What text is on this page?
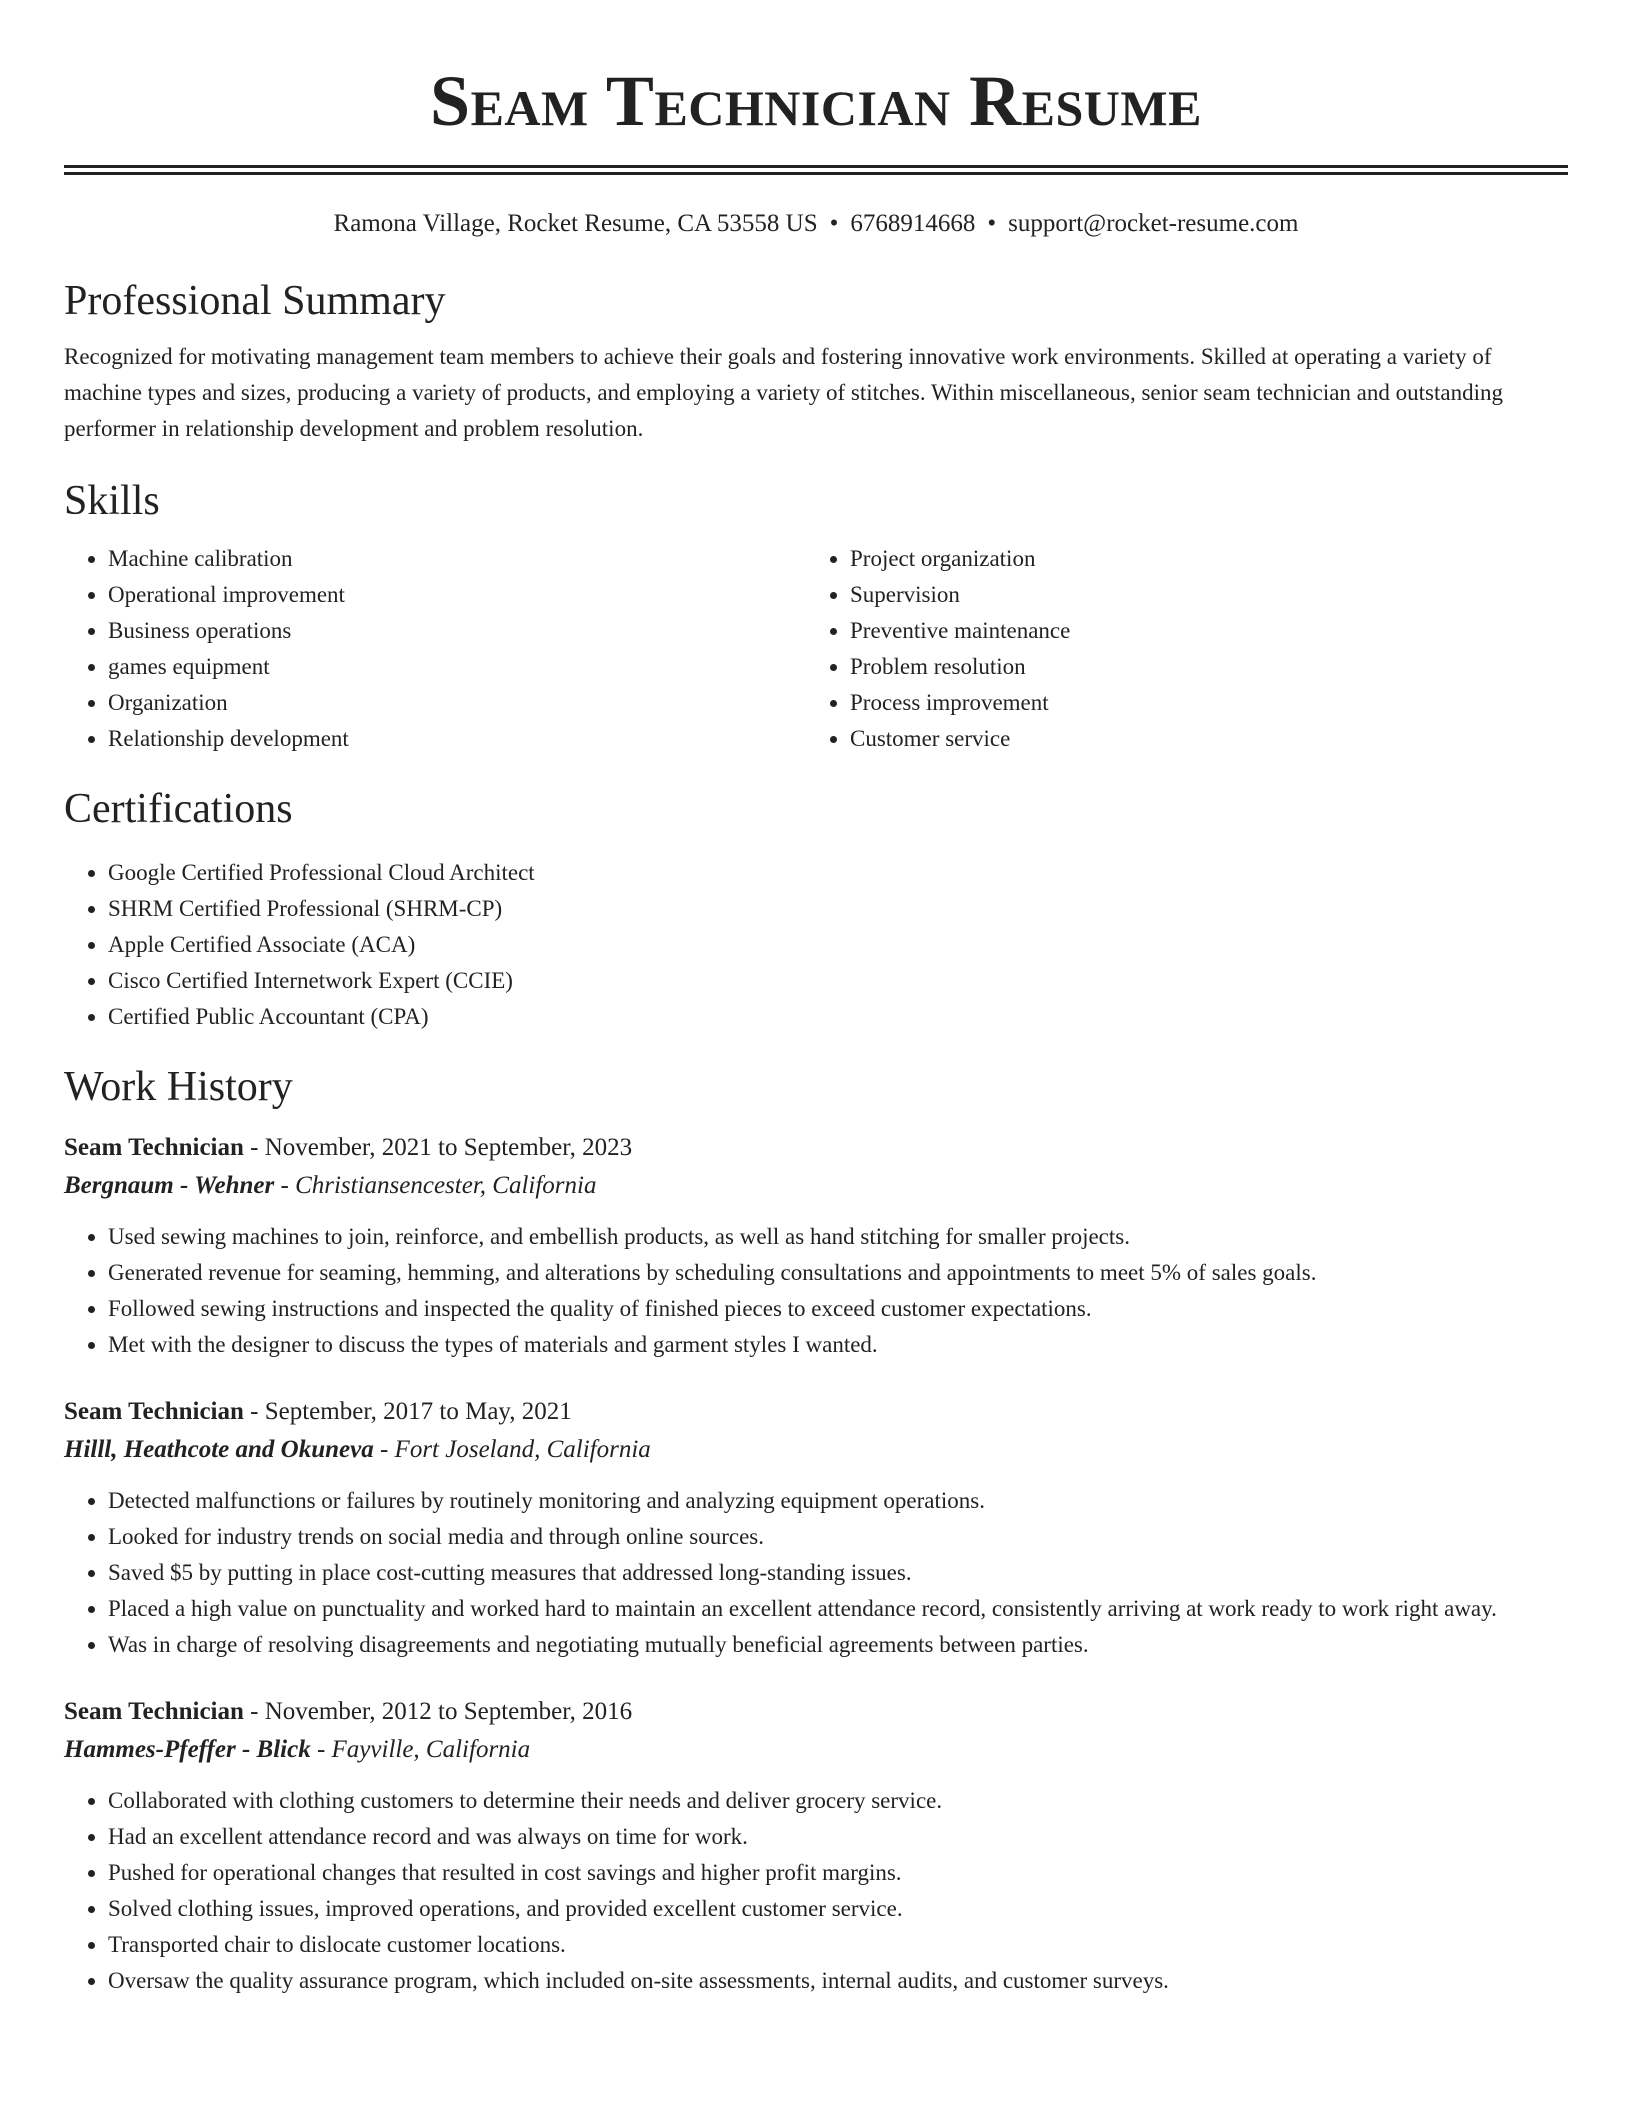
Seam Technician Resume
Ramona Village, Rocket Resume, CA 53558 US • 6768914668 • support@rocket-resume.com
Professional Summary

Recognized for motivating management team members to achieve their goals and fostering innovative work environments. Skilled at operating a variety of machine types and sizes, producing a variety of products, and employing a variety of stitches. Within miscellaneous, senior seam technician and outstanding performer in relationship development and problem resolution.

Skills
• Machine calibration
• Operational improvement
• Business operations
• games equipment
• Organization
• Relationship development
• Project organization
• Supervision
• Preventive maintenance
• Problem resolution
• Process improvement
• Customer service
Certifications
• Google Certified Professional Cloud Architect
• SHRM Certified Professional (SHRM-CP)
• Apple Certified Associate (ACA)
• Cisco Certified Internetwork Expert (CCIE)
• Certified Public Accountant (CPA)
Work History
Seam Technician - November, 2021 to September, 2023
Bergnaum - Wehner - Christiansencester, California
• Used sewing machines to join, reinforce, and embellish products, as well as hand stitching for smaller projects.
• Generated revenue for seaming, hemming, and alterations by scheduling consultations and appointments to meet 5% of sales goals.
• Followed sewing instructions and inspected the quality of finished pieces to exceed customer expectations.
• Met with the designer to discuss the types of materials and garment styles I wanted.
Seam Technician - September, 2017 to May, 2021
Hilll, Heathcote and Okuneva - Fort Joseland, California
• Detected malfunctions or failures by routinely monitoring and analyzing equipment operations.
• Looked for industry trends on social media and through online sources.
• Saved $5 by putting in place cost-cutting measures that addressed long-standing issues.
• Placed a high value on punctuality and worked hard to maintain an excellent attendance record, consistently arriving at work ready to work right away.
• Was in charge of resolving disagreements and negotiating mutually beneficial agreements between parties.
Seam Technician - November, 2012 to September, 2016
Hammes-Pfeffer - Blick - Fayville, California
• Collaborated with clothing customers to determine their needs and deliver grocery service.
• Had an excellent attendance record and was always on time for work.
• Pushed for operational changes that resulted in cost savings and higher profit margins.
• Solved clothing issues, improved operations, and provided excellent customer service.
• Transported chair to dislocate customer locations.
• Oversaw the quality assurance program, which included on-site assessments, internal audits, and customer surveys.
